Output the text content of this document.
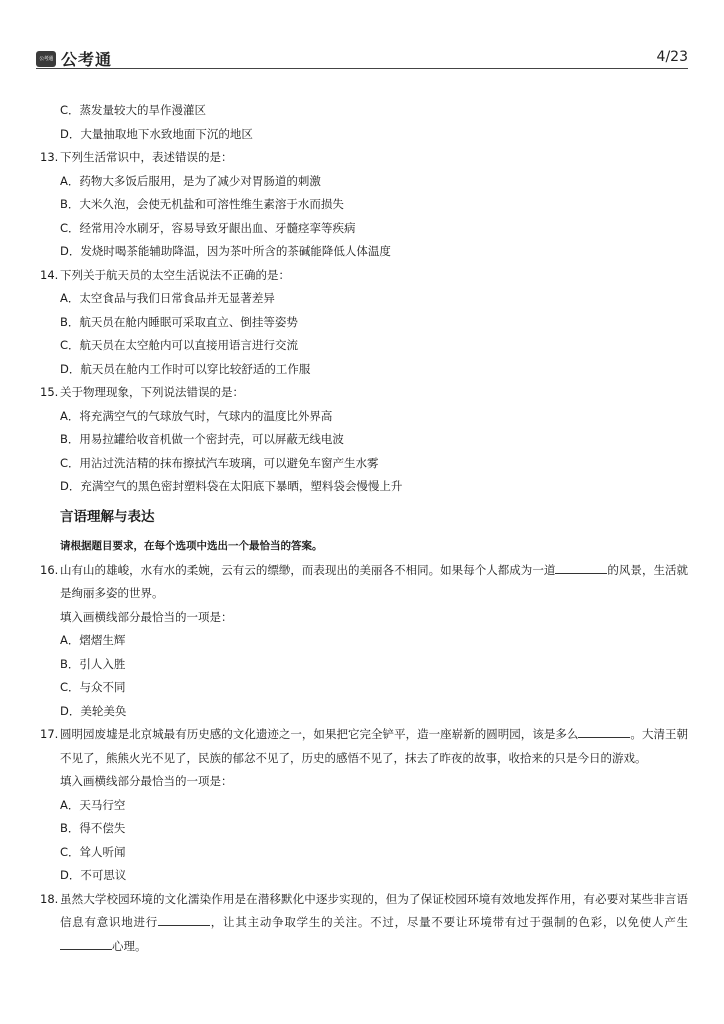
公考通 公考通	4/23
C．蒸发量较大的旱作漫灌区
D．大量抽取地下水致地面下沉的地区
13. 下列生活常识中，表述错误的是：
A．药物大多饭后服用，是为了减少对胃肠道的刺激
B．大米久泡，会使无机盐和可溶性维生素溶于水而损失
C．经常用冷水刷牙，容易导致牙龈出血、牙髓痉挛等疾病
D．发烧时喝茶能辅助降温，因为茶叶所含的茶碱能降低人体温度
14. 下列关于航天员的太空生活说法不正确的是：
A．太空食品与我们日常食品并无显著差异
B．航天员在舱内睡眠可采取直立、倒挂等姿势
C．航天员在太空舱内可以直接用语言进行交流
D．航天员在舱内工作时可以穿比较舒适的工作服
15. 关于物理现象，下列说法错误的是：
A．将充满空气的气球放气时，气球内的温度比外界高
B．用易拉罐给收音机做一个密封壳，可以屏蔽无线电波
C．用沾过洗洁精的抹布擦拭汽车玻璃，可以避免车窗产生水雾
D．充满空气的黑色密封塑料袋在太阳底下暴晒，塑料袋会慢慢上升
言语理解与表达
请根据题目要求，在每个选项中选出一个最恰当的答案。
16. 山有山的雄峻，水有水的柔婉，云有云的缥缈，而表现出的美丽各不相同。如果每个人都成为一道	的风景，生活就是绚丽多姿的世界。
填入画横线部分最恰当的一项是：
A．熠熠生辉
B．引人入胜
C．与众不同
D．美轮美奂
17. 圆明园废墟是北京城最有历史感的文化遗迹之一，如果把它完全铲平，造一座崭新的圆明园，该是多么	。大清王朝不见了，熊熊火光不见了，民族的郁忿不见了，历史的感悟不见了，抹去了昨夜的故事，收拾来的只是今日的游戏。
填入画横线部分最恰当的一项是：
A．天马行空
B．得不偿失
C．耸人听闻
D．不可思议
18. 虽然大学校园环境的文化濡染作用是在潜移默化中逐步实现的，但为了保证校园环境有效地发挥作用，有必要对某些非言语信息有意识地进行	，让其主动争取学生的关注。不过，尽量不要让环境带有过于强制的色彩，以免使人产生心理。
